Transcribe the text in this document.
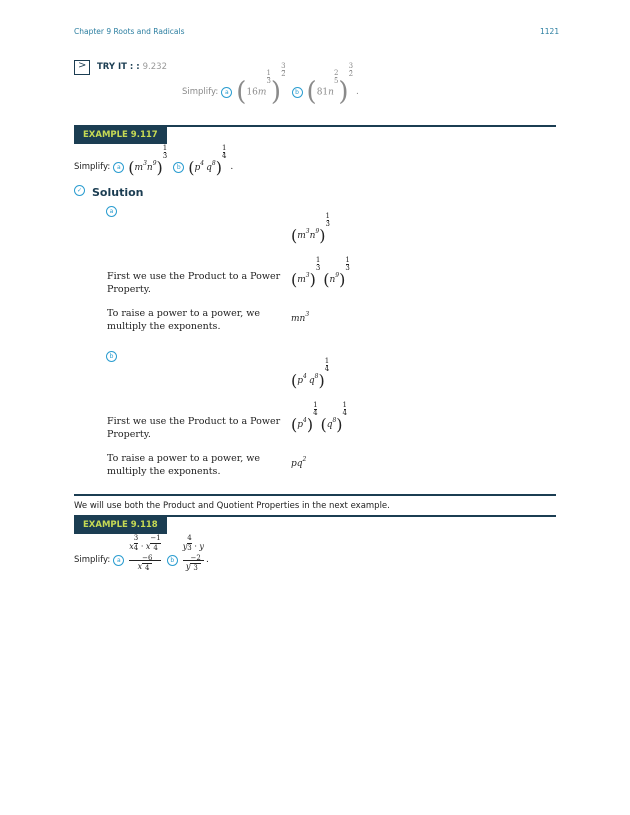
Chapter 9 Roots and Radicals	1121
> TRY IT : : 9.232
Simplify:	a $(16m\frac{1}{3})\frac{3}{2}$
b $(81n\frac{2}{5})\frac{3}{2}$
.
EXAMPLE 9.117
Simplify:	a $(m^3n^9)\frac{1}{3}$
b ($p^4$ $q^8)\frac{1}{4}$
.
✓ Solution
a
$(m^3n^9)\frac{1}{3}$
First we use the Product to a Power Property.
$(m^3)\frac{1}{3} (n^9)\frac{1}{3}$
To raise a power to a power, we multiply the exponents.
$mn^3$
b
($p^4$ $q^8)\frac{1}{4}$
First we use the Product to a Power Property.
$(p^4)\frac{1}{4} (q^8)\frac{1}{4}$
To raise a power to a power, we multiply the exponents.
$pq^2$
We will use both the Product and Quotient Properties in the next example.
EXAMPLE 9.118
Simplify:	a	$\frac{x\frac{3}{4} \cdot x\frac{-1}{4}}{x\frac{-6}{4}}$	b	$\frac{y\frac{4}{3} \cdot y}{y\frac{-2}{3}}$ .
